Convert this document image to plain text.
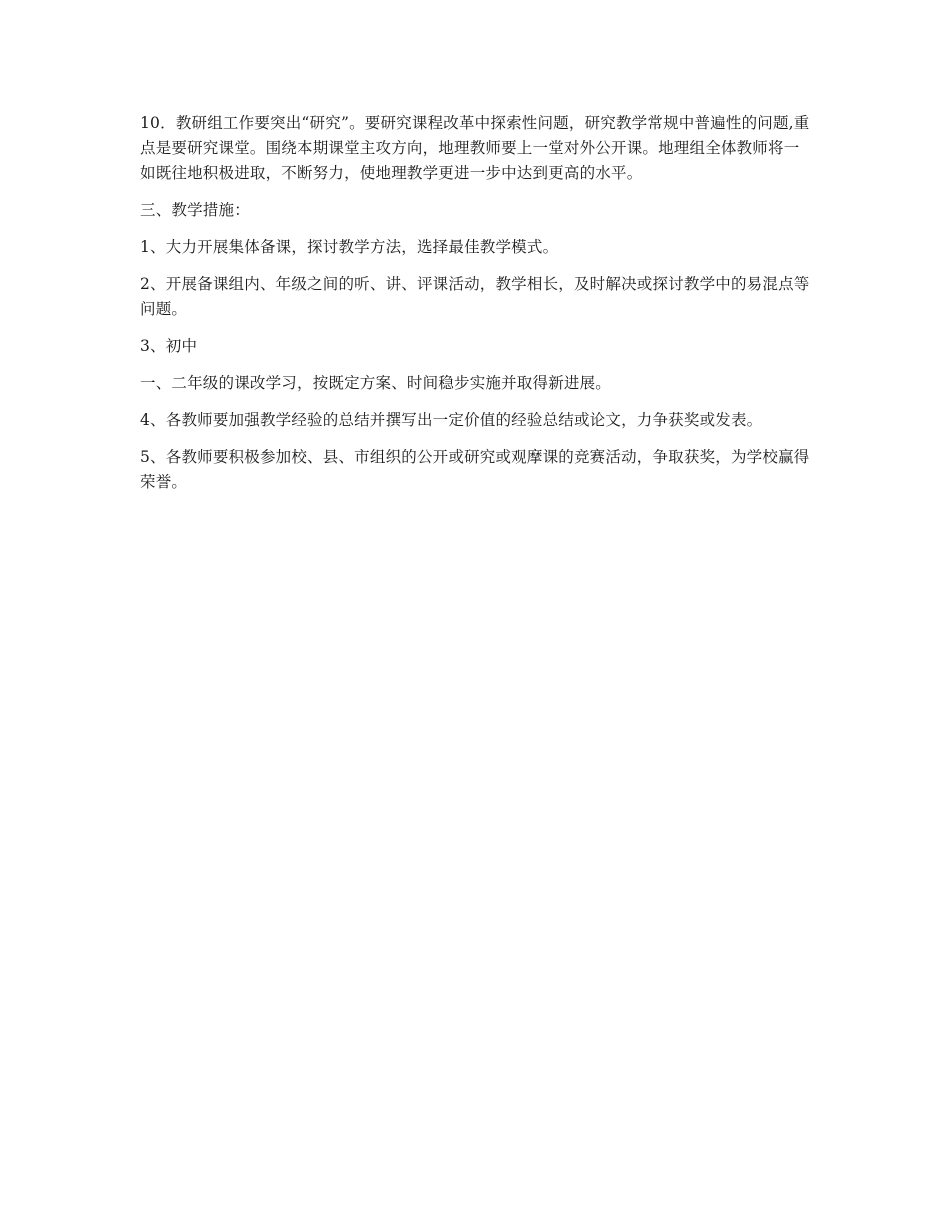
10．教研组工作要突出“研究”。要研究课程改革中探索性问题，研究教学常规中普遍性的问题,重点是要研究课堂。围绕本期课堂主攻方向，地理教师要上一堂对外公开课。地理组全体教师将一如既往地积极进取，不断努力，使地理教学更进一步中达到更高的水平。

三、教学措施：

1、大力开展集体备课，探讨教学方法，选择最佳教学模式。

2、开展备课组内、年级之间的听、讲、评课活动，教学相长，及时解决或探讨教学中的易混点等问题。

3、初中

一、二年级的课改学习，按既定方案、时间稳步实施并取得新进展。

4、各教师要加强教学经验的总结并撰写出一定价值的经验总结或论文，力争获奖或发表。

5、各教师要积极参加校、县、市组织的公开或研究或观摩课的竞赛活动，争取获奖，为学校赢得荣誉。
